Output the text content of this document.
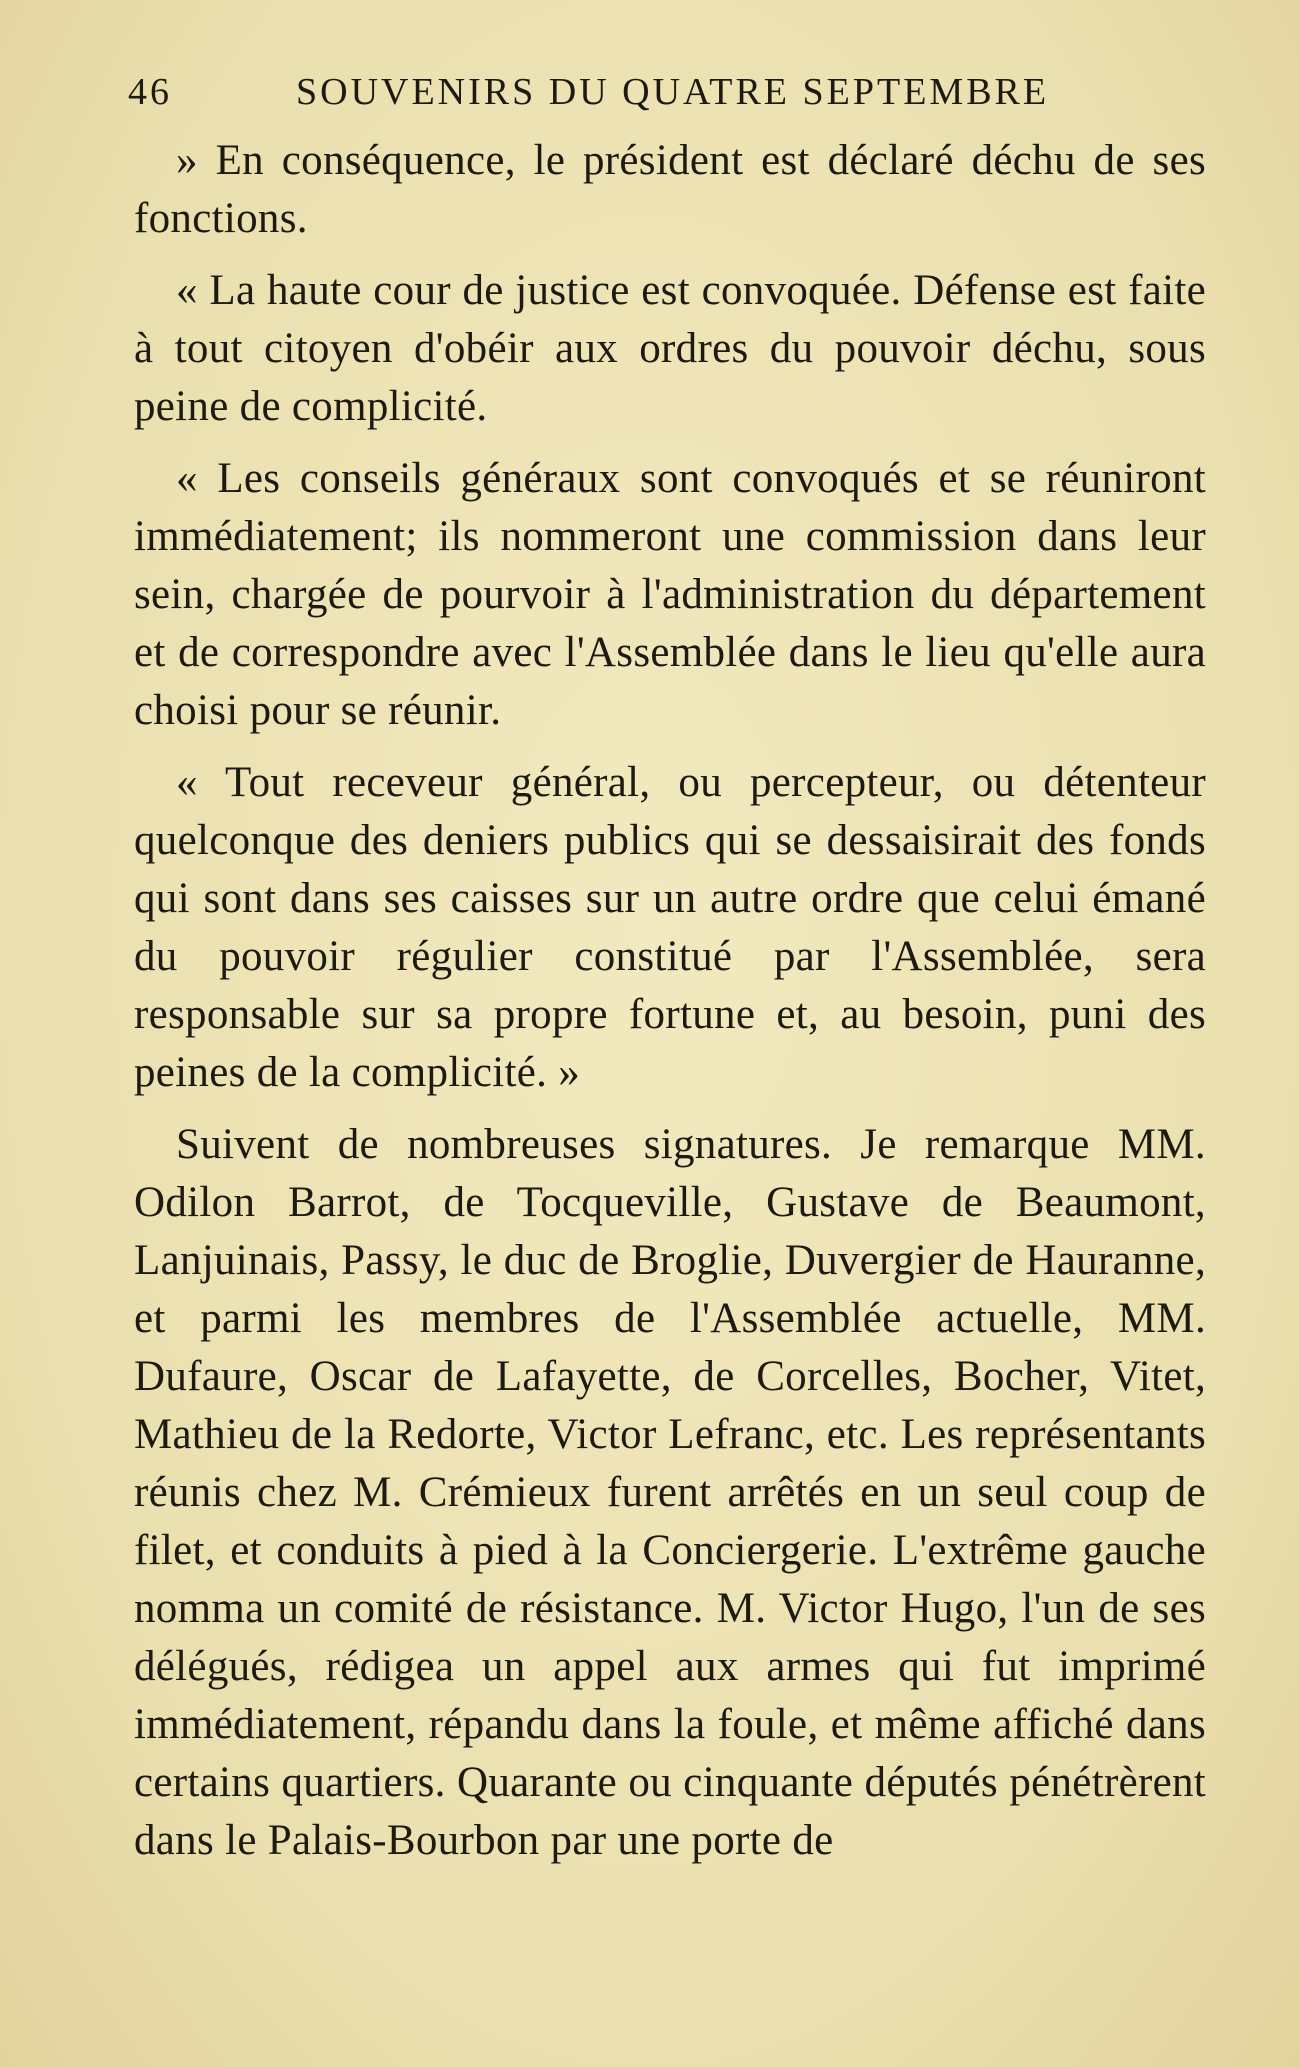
46	SOUVENIRS DU QUATRE SEPTEMBRE

» En conséquence, le président est déclaré déchu de ses fonctions.

« La haute cour de justice est convoquée. Défense est faite à tout citoyen d'obéir aux ordres du pouvoir déchu, sous peine de complicité.

« Les conseils généraux sont convoqués et se réuniront immédiatement; ils nommeront une commission dans leur sein, chargée de pourvoir à l'administration du département et de correspondre avec l'Assemblée dans le lieu qu'elle aura choisi pour se réunir.

« Tout receveur général, ou percepteur, ou détenteur quelconque des deniers publics qui se dessaisirait des fonds qui sont dans ses caisses sur un autre ordre que celui émané du pouvoir régulier constitué par l'Assemblée, sera responsable sur sa propre fortune et, au besoin, puni des peines de la complicité. »

Suivent de nombreuses signatures. Je remarque MM. Odilon Barrot, de Tocqueville, Gustave de Beaumont, Lanjuinais, Passy, le duc de Broglie, Duvergier de Hauranne, et parmi les membres de l'Assemblée actuelle, MM. Dufaure, Oscar de Lafayette, de Corcelles, Bocher, Vitet, Mathieu de la Redorte, Victor Lefranc, etc. Les représentants réunis chez M. Crémieux furent arrêtés en un seul coup de filet, et conduits à pied à la Conciergerie. L'extrême gauche nomma un comité de résistance. M. Victor Hugo, l'un de ses délégués, rédigea un appel aux armes qui fut imprimé immédiatement, répandu dans la foule, et même affiché dans certains quartiers. Quarante ou cinquante députés pénétrèrent dans le Palais-Bourbon par une porte de
